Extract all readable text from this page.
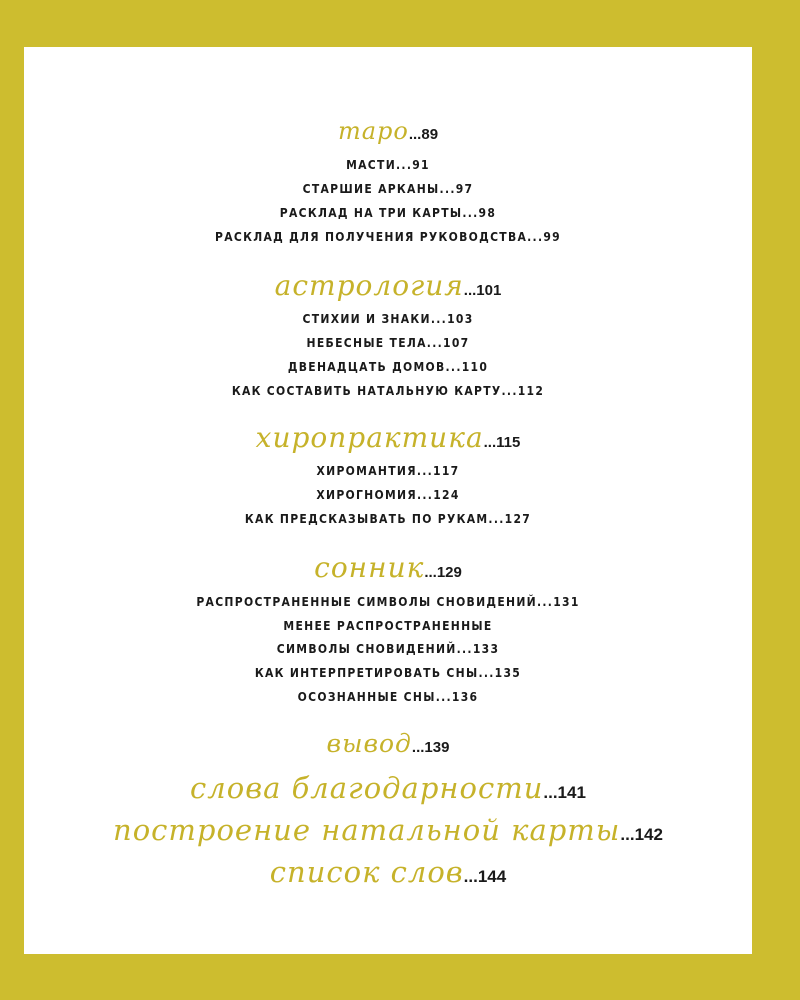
таро...89
МАСТИ...91
СТАРШИЕ АРКАНЫ...97
РАСКЛАД НА ТРИ КАРТЫ...98
РАСКЛАД ДЛЯ ПОЛУЧЕНИЯ РУКОВОДСТВА...99
астрология...101
СТИХИИ И ЗНАКИ...103
НЕБЕСНЫЕ ТЕЛА...107
ДВЕНАДЦАТЬ ДОМОВ...110
КАК СОСТАВИТЬ НАТАЛЬНУЮ КАРТУ...112
хиропрактика...115
ХИРОМАНТИЯ...117
ХИРОГНОМИЯ...124
КАК ПРЕДСКАЗЫВАТЬ ПО РУКАМ...127
сонник...129
РАСПРОСТРАНЕННЫЕ СИМВОЛЫ СНОВИДЕНИЙ...131
МЕНЕЕ РАСПРОСТРАНЕННЫЕ
СИМВОЛЫ СНОВИДЕНИЙ...133
КАК ИНТЕРПРЕТИРОВАТЬ СНЫ...135
ОСОЗНАННЫЕ СНЫ...136
вывод...139
слова благодарности...141
построение натальной карты...142
список слов...144
